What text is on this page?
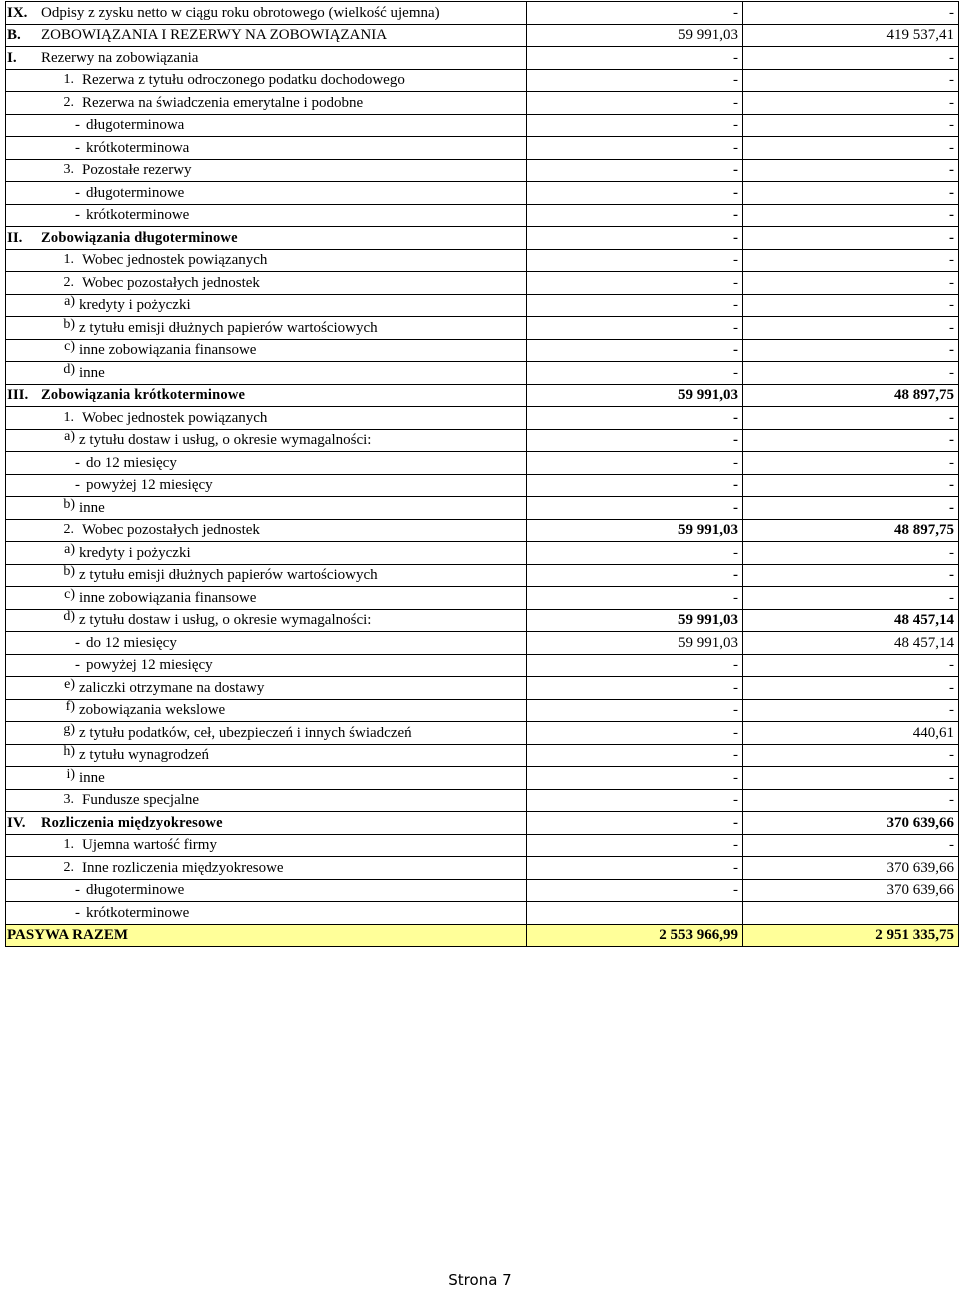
IX. Odpisy z zysku netto w ciągu roku obrotowego (wielkość ujemna)	-	-

B. ZOBOWIĄZANIA I REZERWY NA ZOBOWIĄZANIA	59 991,03	419 537,41

I. Rezerwy na zobowiązania	-	-

1. Rezerwa z tytułu odroczonego podatku dochodowego	-	-

2. Rezerwa na świadczenia emerytalne i podobne	-	-

- długoterminowa	-	-

- krótkoterminowa	-	-

3. Pozostałe rezerwy	-	-

- długoterminowe	-	-

- krótkoterminowe	-	-

II. Zobowiązania długoterminowe	-	-

1. Wobec jednostek powiązanych	-	-

2. Wobec pozostałych jednostek	-	-

a) kredyty i pożyczki	-	-

b) z tytułu emisji dłużnych papierów wartościowych	-	-

c) inne zobowiązania finansowe	-	-

d) inne	-	-

III. Zobowiązania krótkoterminowe	59 991,03	48 897,75

1. Wobec jednostek powiązanych	-	-

a) z tytułu dostaw i usług, o okresie wymagalności:	-	-

- do 12 miesięcy	-	-

- powyżej 12 miesięcy	-	-

b) inne	-	-

2. Wobec pozostałych jednostek	59 991,03	48 897,75

a) kredyty i pożyczki	-	-

b) z tytułu emisji dłużnych papierów wartościowych	-	-

c) inne zobowiązania finansowe	-	-

d) z tytułu dostaw i usług, o okresie wymagalności:	59 991,03	48 457,14

- do 12 miesięcy	59 991,03	48 457,14

- powyżej 12 miesięcy	-	-

e) zaliczki otrzymane na dostawy	-	-

f) zobowiązania wekslowe	-	-

g) z tytułu podatków, ceł, ubezpieczeń i innych świadczeń	-	440,61

h) z tytułu wynagrodzeń	-	-

i) inne	-	-

3. Fundusze specjalne	-	-

IV. Rozliczenia międzyokresowe	-	370 639,66

1. Ujemna wartość firmy	-	-

2. Inne rozliczenia międzyokresowe	-	370 639,66

- długoterminowe	-	370 639,66

- krótkoterminowe		

PASYWA RAZEM	2 553 966,99	2 951 335,75
Strona 7
